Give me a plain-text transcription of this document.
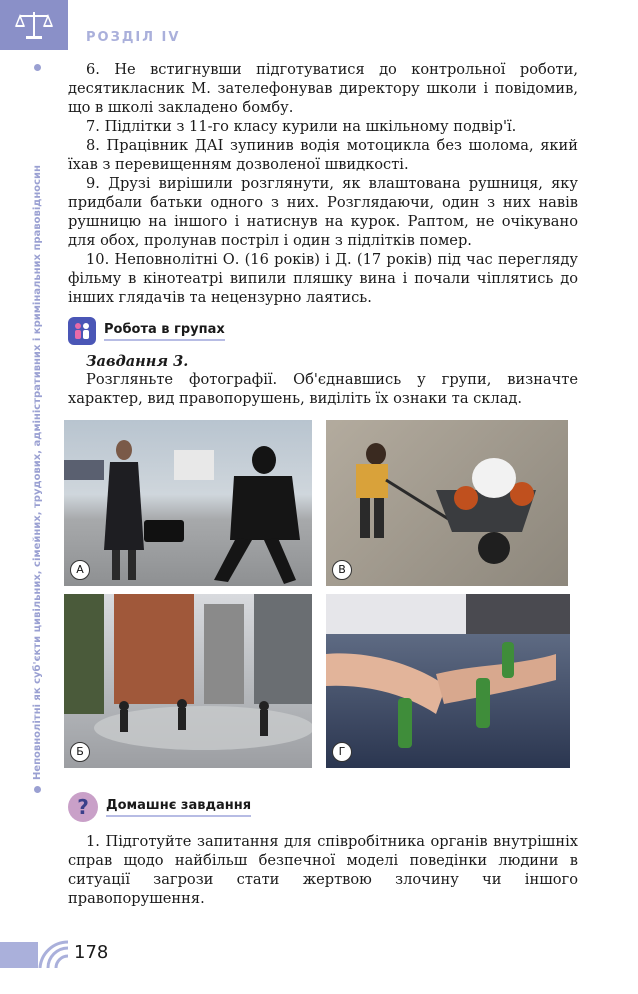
РОЗДІЛ IV
Неповнолітні як суб'єкти цивільних, сімейних, трудових, адміністративних і кримінальних правовідносин

6. Не встигнувши підготуватися до контрольної роботи, десятикласник М. зателефонував директору школи і повідомив, що в школі закладено бомбу.

7. Підлітки з 11-го класу курили на шкільному подвір'ї.

8. Працівник ДАІ зупинив водія мотоцикла без шолома, який їхав з перевищенням дозволеної швидкості.

9. Друзі вирішили розглянути, як влаштована рушниця, яку придбали батьки одного з них. Розглядаючи, один з них навів рушницю на іншого і натиснув на курок. Раптом, не очікувано для обох, пролунав постріл і один з підлітків помер.

10. Неповнолітні О. (16 років) і Д. (17 років) під час перегляду фільму в кінотеатрі випили пляшку вина і почали чіплятись до інших глядачів та нецензурно лаятись.

Робота в групах
Завдання 3.

Розгляньте фотографії. Об'єднавшись у групи, визначте характер, вид правопорушень, виділіть їх ознаки та склад.

А	В
Б	Г
?	Домашнє завдання

1. Підготуйте запитання для співробітника органів внутрішніх справ щодо найбільш безпечної моделі поведінки людини в ситуації загрози стати жертвою злочину чи іншого правопорушення.

178
